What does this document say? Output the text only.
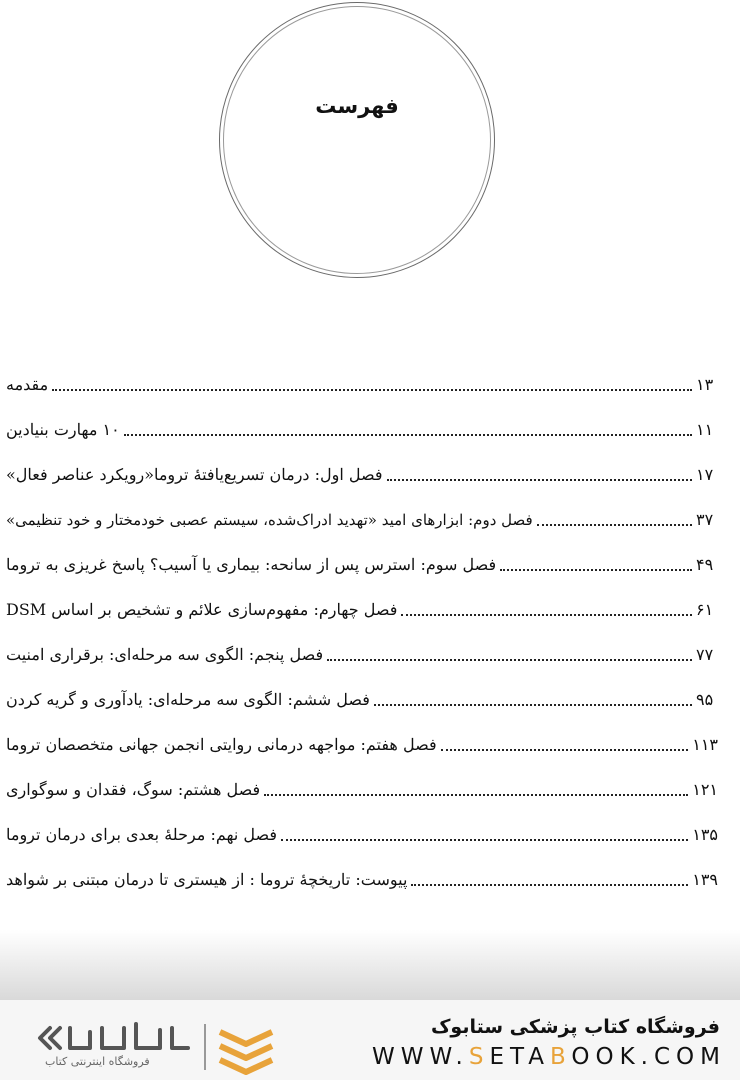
فهرست
مقدمه	۱۳
۱۰ مهارت بنیادین	۱۱
فصل اول: درمان تسریع‌یافتهٔ تروما«رویکرد عناصر فعال»	۱۷
فصل دوم: ابزارهای امید «تهدید ادراک‌شده، سیستم عصبی خودمختار و خود تنظیمی»	۳۷
فصل سوم: استرس پس از سانحه: بیماری یا آسیب؟ پاسخ غریزی به تروما	۴۹
فصل چهارم: مفهوم‌سازی علائم و تشخیص بر اساس DSM	۶۱
فصل پنجم: الگوی سه مرحله‌ای: برقراری امنیت	۷۷
فصل ششم: الگوی سه مرحله‌ای: یادآوری و گریه کردن	۹۵
فصل هفتم: مواجهه درمانی روایتی انجمن جهانی متخصصان تروما	۱۱۳
فصل هشتم: سوگ، فقدان و سوگواری	۱۲۱
فصل نهم: مرحلهٔ بعدی برای درمان تروما	۱۳۵
پیوست: تاریخچهٔ تروما : از هیستری تا درمان مبتنی بر شواهد	۱۳۹
فروشگاه اینترنتی کتاب
فروشگاه کتاب پزشکی ستابوک
WWW.SETABOOK.COM
